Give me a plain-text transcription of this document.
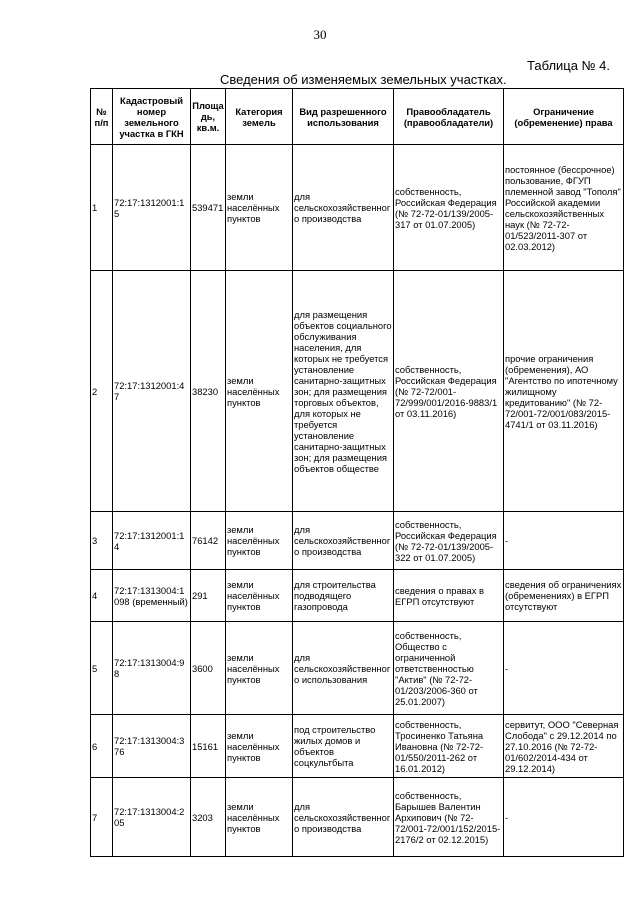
30
Таблица № 4.
Сведения об изменяемых земельных участках.
№ п/п	Кадастровый номер земельного участка в ГКН	Площадь, кв.м.	Категория земель	Вид разрешенного использования	Правообладатель (правообладатели)	Ограничение (обременение) права
1	72:17:1312001:15	539471	земли населённых пунктов	для сельскохозяйственного производства	собственность, Российская Федерация (№ 72-72-01/139/2005-317 от 01.07.2005)	постоянное (бессрочное) пользование, ФГУП племенной завод "Тополя" Российской академии сельскохозяйственных наук (№ 72-72-01/523/2011-307 от 02.03.2012)
2	72:17:1312001:47	38230	земли населённых пунктов	для размещения объектов социального обслуживания населения, для которых не требуется установление санитарно-защитных зон; для размещения торговых объектов, для которых не требуется установление санитарно-защитных зон; для размещения объектов обществе	собственность, Российская Федерация (№ 72-72/001-72/999/001/2016-9883/1 от 03.11.2016)	прочие ограничения (обременения), АО "Агентство по ипотечному жилищному кредитованию" (№ 72-72/001-72/001/083/2015-4741/1 от 03.11.2016)
3	72:17:1312001:14	76142	земли населённых пунктов	для сельскохозяйственного производства	собственность, Российская Федерация (№ 72-72-01/139/2005-322 от 01.07.2005)	-
4	72:17:1313004:1098 (временный)	291	земли населённых пунктов	для строительства подводящего газопровода	сведения о правах в ЕГРП отсутствуют	сведения об ограничениях (обременениях) в ЕГРП отсутствуют
5	72:17:1313004:98	3600	земли населённых пунктов	для сельскохозяйственного использования	собственность, Общество с ограниченной ответственностью "Актив" (№ 72-72-01/203/2006-360 от 25.01.2007)	-
6	72:17:1313004:376	15161	земли населённых пунктов	под строительство жилых домов и объектов соцкультбыта	собственность, Тросиненко Татьяна Ивановна (№ 72-72-01/550/2011-262 от 16.01.2012)	сервитут, ООО "Северная Слобода" с 29.12.2014 по 27.10.2016 (№ 72-72-01/602/2014-434 от 29.12.2014)
7	72:17:1313004:205	3203	земли населённых пунктов	для сельскохозяйственного производства	собственность, Барышев Валентин Архипович (№ 72-72/001-72/001/152/2015-2176/2 от 02.12.2015)	-
